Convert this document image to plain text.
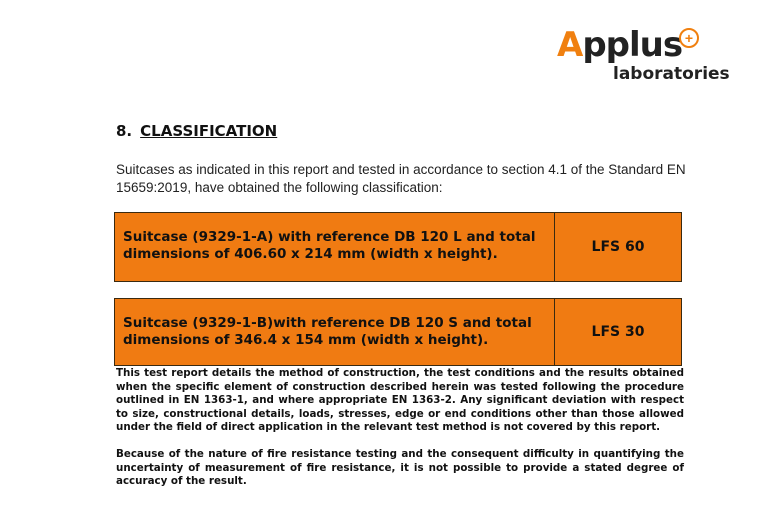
Applus +
laboratories
8. CLASSIFICATION
Suitcases as indicated in this report and tested in accordance to section 4.1 of the Standard EN 15659:2019, have obtained the following classification:
Suitcase (9329-1-A) with reference DB 120 L and total dimensions of 406.60 x 214 mm (width x height).	LFS 60
Suitcase (9329-1-B)with reference DB 120 S and total dimensions of 346.4 x 154 mm (width x height).	LFS 30
This test report details the method of construction, the test conditions and the results obtained when the specific element of construction described herein was tested following the procedure outlined in EN 1363-1, and where appropriate EN 1363-2. Any significant deviation with respect to size, constructional details, loads, stresses, edge or end conditions other than those allowed under the field of direct application in the relevant test method is not covered by this report.
Because of the nature of fire resistance testing and the consequent difficulty in quantifying the uncertainty of measurement of fire resistance, it is not possible to provide a stated degree of accuracy of the result.
